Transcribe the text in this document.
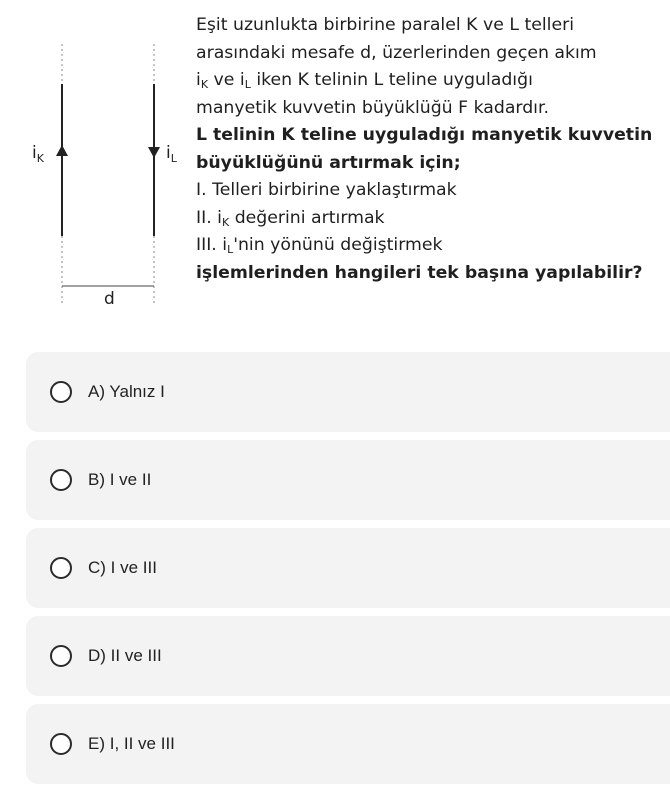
$i_K$	$i_L$
d

Eşit uzunlukta birbirine paralel K ve L telleri

arasındaki mesafe d, üzerlerinden geçen akım

$i_K$ ve $i_L$ iken K telinin L teline uyguladığı

manyetik kuvvetin büyüklüğü F kadardır.

L telinin K teline uyguladığı manyetik kuvvetin

büyüklüğünü artırmak için;

I. Telleri birbirine yaklaştırmak

II. $i_K$ değerini artırmak

III. $i_L'nin$ yönünü değiştirmek

işlemlerinden hangileri tek başına yapılabilir?

A) Yalnız I
B) I ve II
C) I ve III
D) II ve III
E) I, II ve III
